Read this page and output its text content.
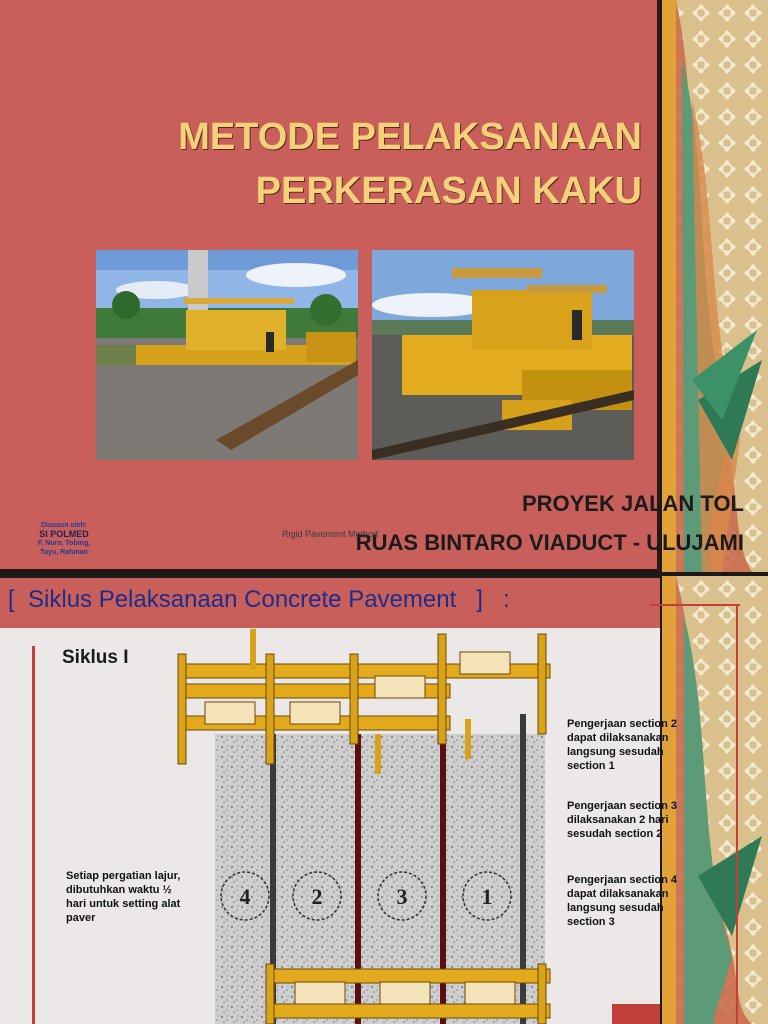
METODE PELAKSANAAN
PERKERASAN KAKU
PROYEK JALAN TOL
RUAS BINTARO VIADUCT - ULUJAMI
Disusun oleh:
SI POLMED
F. Nuro, Tobing,
Tuyu, Rahman
Rigid Pavement Method
[ Siklus Pelaksanaan Concrete Pavement ]   :
Siklus I
4	2	3	1
Setiap pergatian lajur,
dibutuhkan waktu ½
hari untuk setting alat
paver
Pengerjaan section 2
dapat dilaksanakan
langsung sesudah
section 1
Pengerjaan section 3
dilaksanakan 2 hari
sesudah section 2
Pengerjaan section 4
dapat dilaksanakan
langsung sesudah
section 3
